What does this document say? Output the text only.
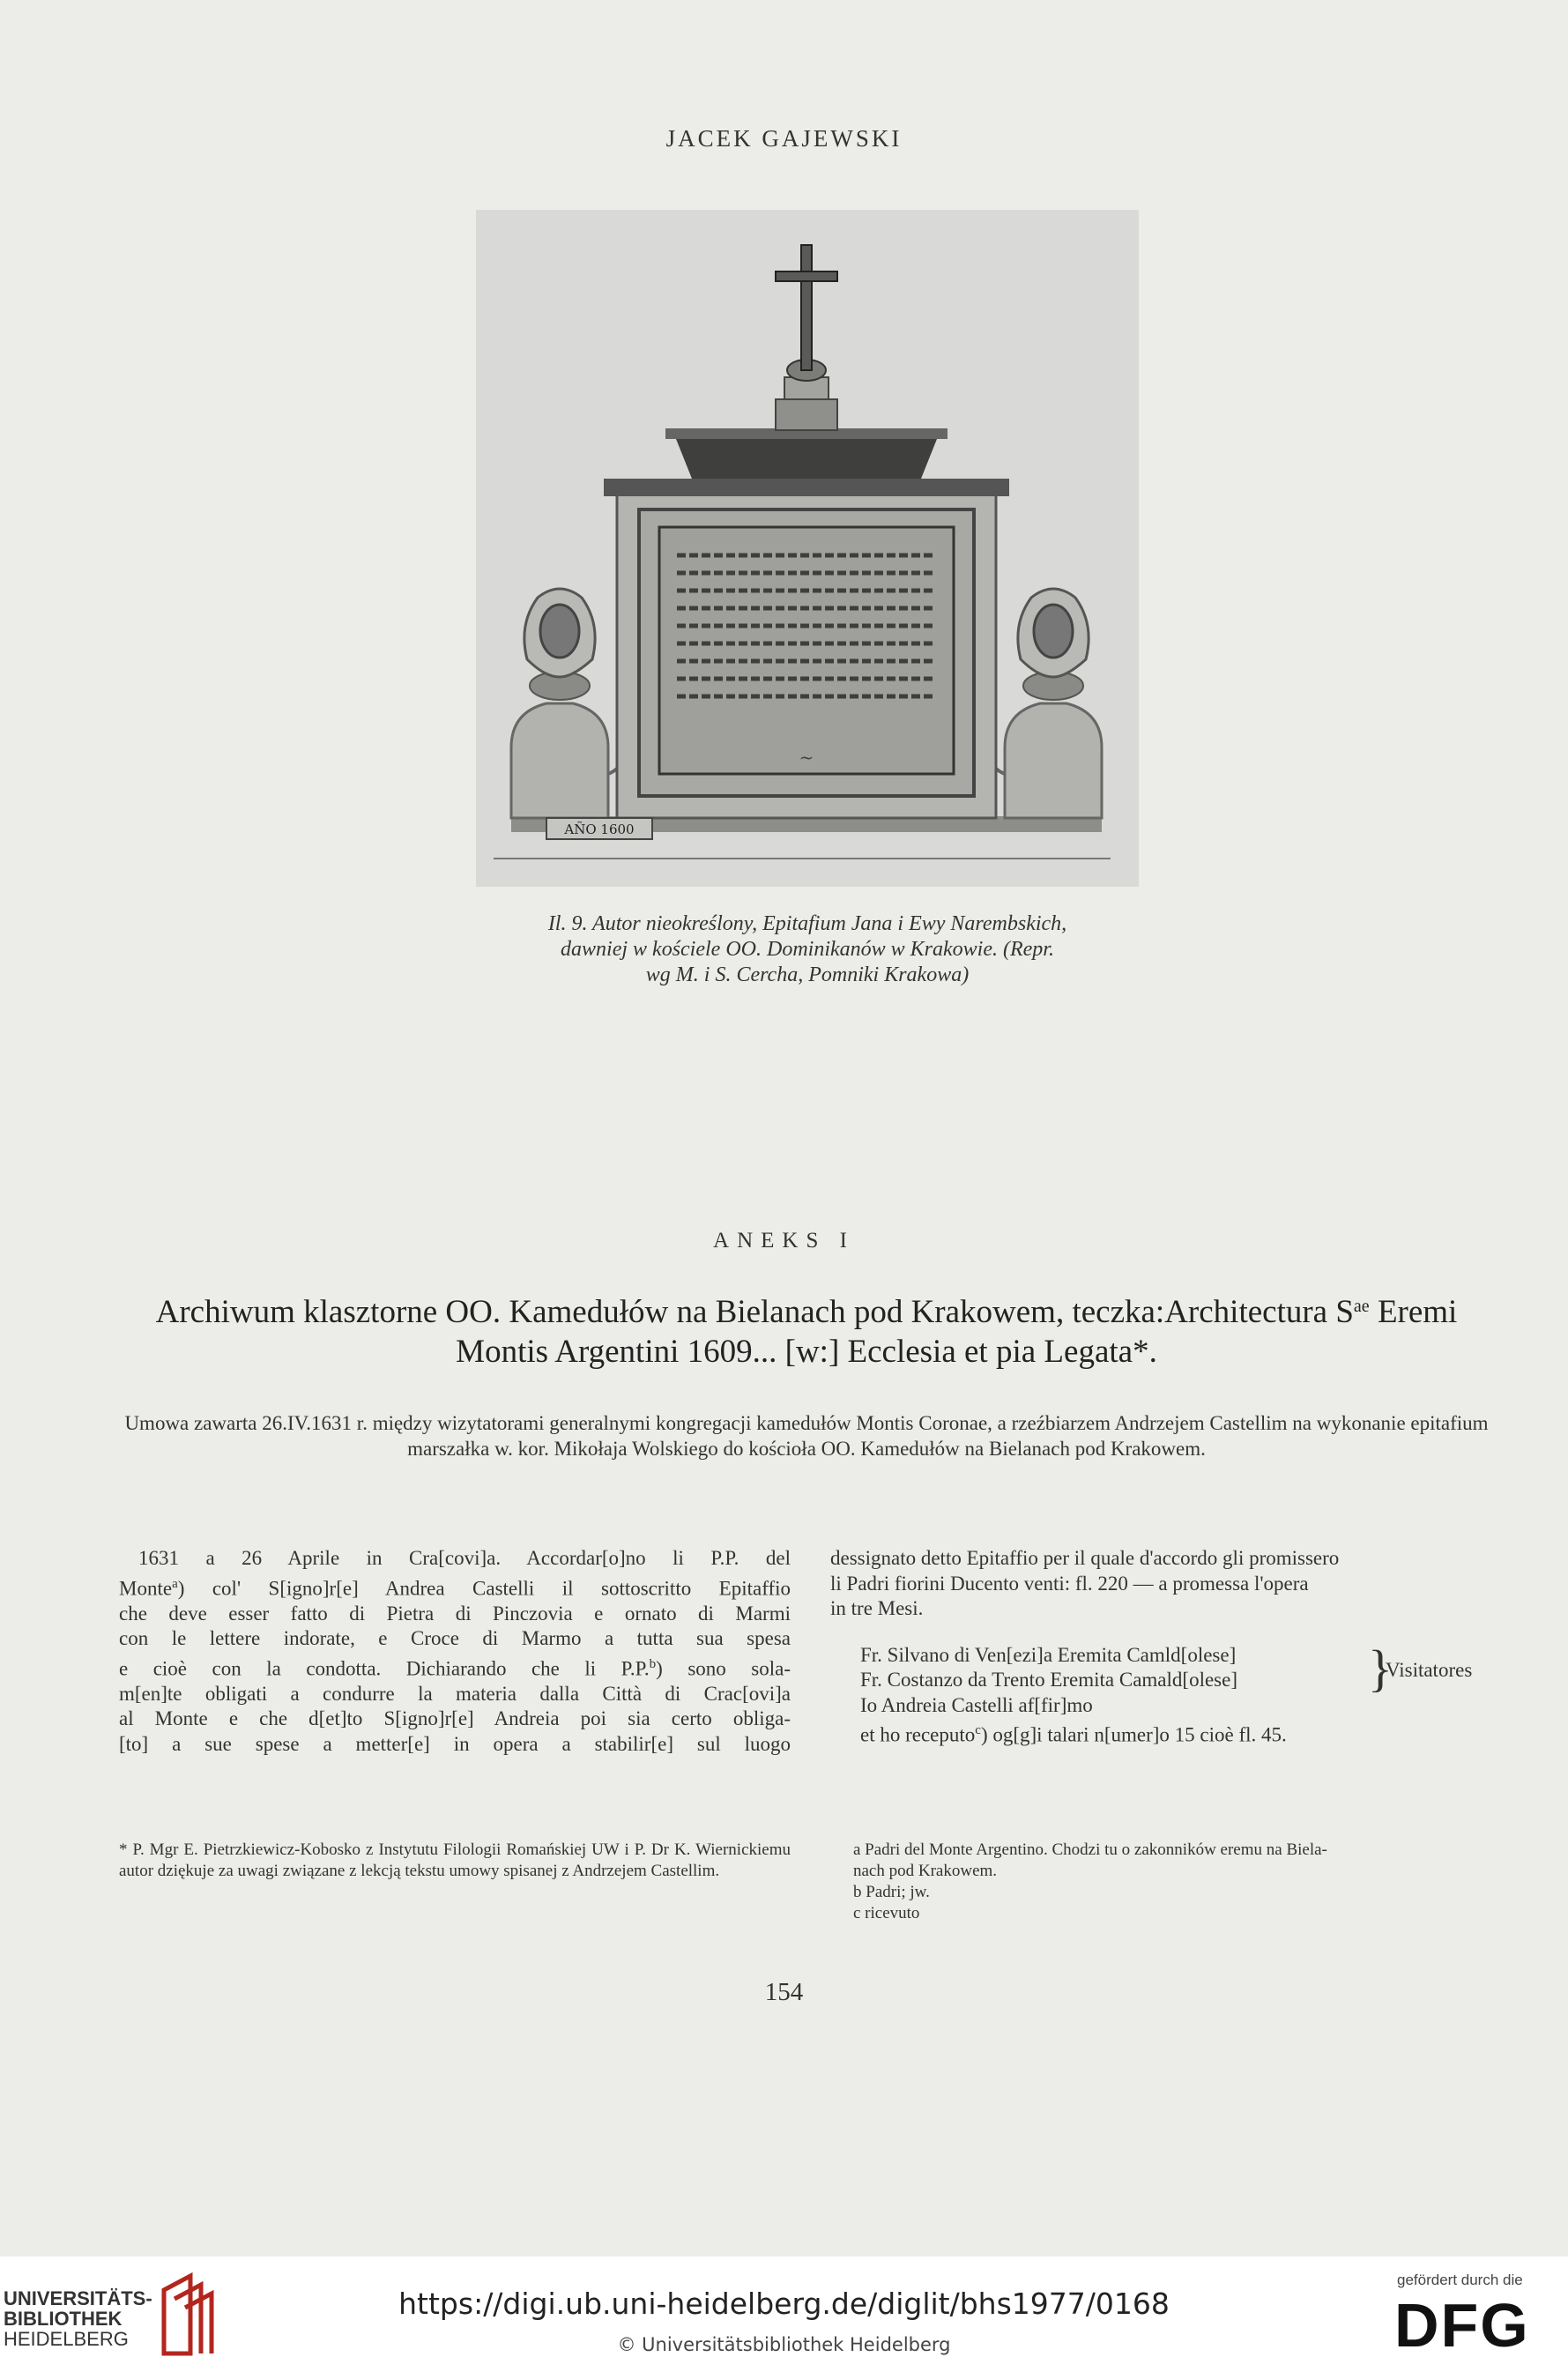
JACEK GAJEWSKI
~
AÑO 1600
Il. 9. Autor nieokreślony, Epitafium Jana i Ewy Narembskich,
dawniej w kościele OO. Dominikanów w Krakowie. (Repr.
wg M. i S. Cercha, Pomniki Krakowa)
ANEKS I
Archiwum klasztorne OO. Kamedułów na Bielanach pod Krakowem, teczka:Architectura $S^{ae}$ Eremi Montis Argentini 1609... [w:] Ecclesia et pia Legata*.
Umowa zawarta 26.IV.1631 r. między wizytatorami generalnymi kongregacji kamedułów Montis Coronae, a rzeźbiarzem Andrzejem Castellim na wykonanie epitafium marszałka w. kor. Mikołaja Wolskiego do kościoła OO. Kamedułów na Bielanach pod Krakowem.
1631 a 26 Aprile in Cra[covi]a. Accordar[o]no li P.P. del
Monte$^a$) col' S[igno]r[e] Andrea Castelli il sottoscritto Epitaffio
che deve esser fatto di Pietra di Pinczovia e ornato di Marmi
con le lettere indorate, e Croce di Marmo a tutta sua spesa
e cioè con la condotta. Dichiarando che li P.P.$^b$) sono sola-
m[en]te obligati a condurre la materia dalla Città di Crac[ovi]a
al Monte e che d[et]to S[igno]r[e] Andreia poi sia certo obliga-
[to] a sue spese a metter[e] in opera a stabilir[e] sul luogo
dessignato detto Epitaffio per il quale d'accordo gli promissero
li Padri fiorini Ducento venti: fl. 220 — a promessa l'opera
in tre Mesi.
Fr. Silvano di Ven[ezi]a Eremita Camld[olese]
Fr. Costanzo da Trento Eremita Camald[olese]
Io Andreia Castelli af[fir]mo
}
Visitatores
et ho receputo$^c$) og[g]i talari n[umer]o 15 cioè fl. 45.
* P. Mgr E. Pietrzkiewicz-Kobosko z Instytutu Filologii Romańskiej UW i P. Dr K. Wiernickiemu autor dziękuje za uwagi związane z lekcją tekstu umowy spisanej z Andrzejem Castellim.
a Padri del Monte Argentino. Chodzi tu o zakonników eremu na Biela-
nach pod Krakowem.
b Padri; jw.
c ricevuto
154
UNIVERSITÄTS-
BIBLIOTHEK
HEIDELBERG
https://digi.ub.uni-heidelberg.de/diglit/bhs1977/0168
© Universitätsbibliothek Heidelberg
gefördert durch die
DFG
